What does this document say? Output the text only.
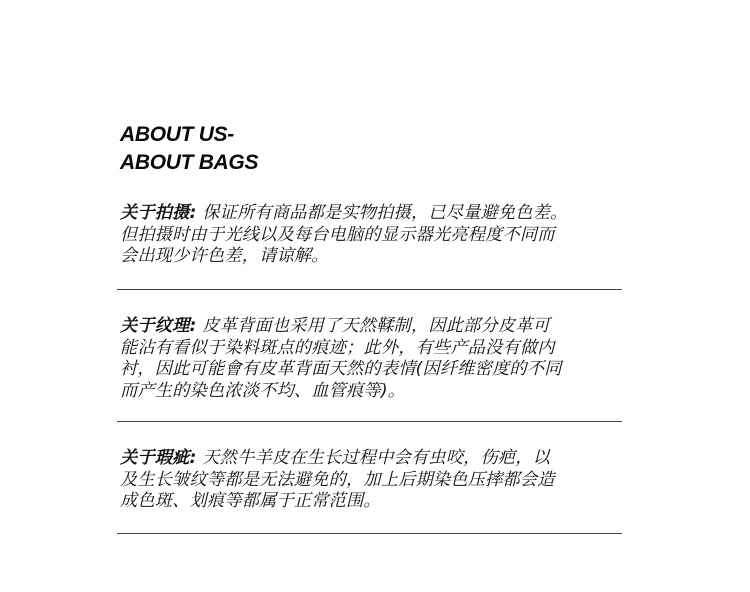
ABOUT US-
ABOUT BAGS
关于拍摄: 保证所有商品都是实物拍摄，已尽量避免色差。
但拍摄时由于光线以及每台电脑的显示器光亮程度不同而
会出现少许色差，请谅解。
关于纹理: 皮革背面也采用了天然鞣制，因此部分皮革可
能沾有看似于染料斑点的痕迹；此外，有些产品没有做内
衬，因此可能會有皮革背面天然的表情(因纤维密度的不同
而产生的染色浓淡不均、血管痕等)。
关于瑕疵: 天然牛羊皮在生长过程中会有虫咬，伤疤，以
及生长皱纹等都是无法避免的，加上后期染色压摔都会造
成色斑、划痕等都属于正常范围。
